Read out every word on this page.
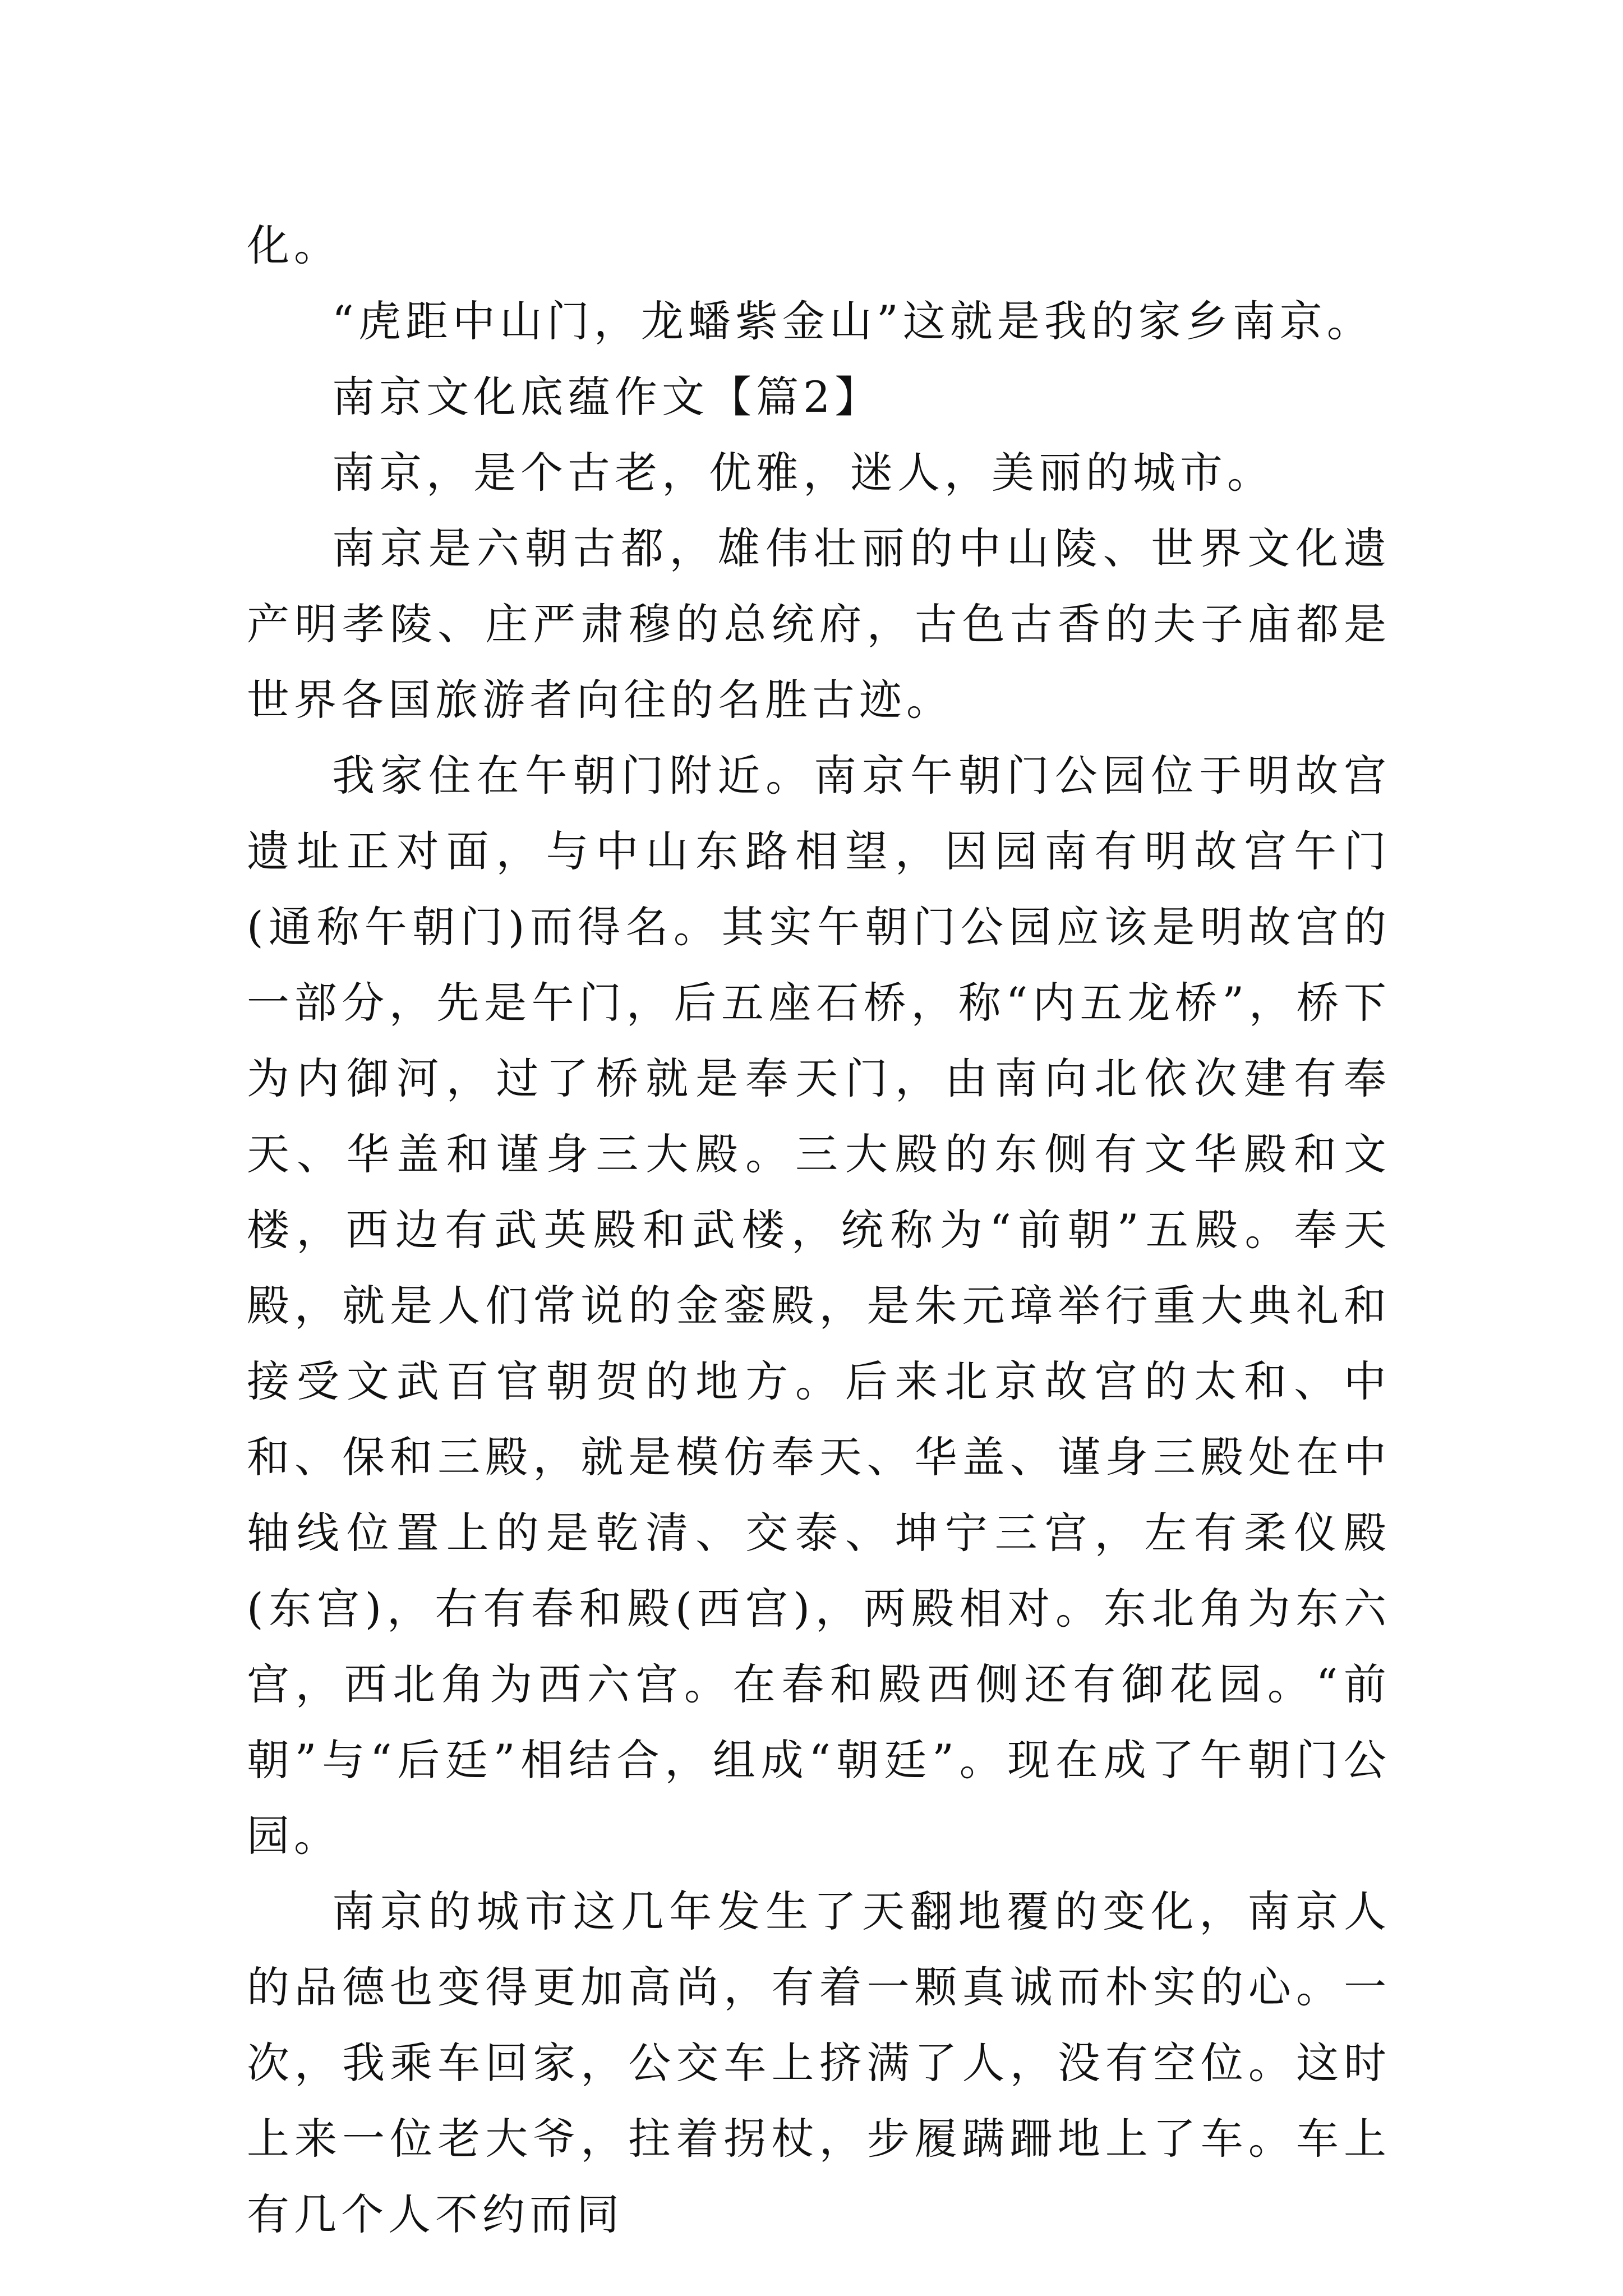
化。

“虎距中山门，龙蟠紫金山”这就是我的家乡南京。

南京文化底蕴作文【篇2】

南京，是个古老，优雅，迷人，美丽的城市。

南京是六朝古都，雄伟壮丽的中山陵、世界文化遗产明孝陵、庄严肃穆的总统府，古色古香的夫子庙都是世界各国旅游者向往的名胜古迹。

我家住在午朝门附近。南京午朝门公园位于明故宫遗址正对面，与中山东路相望，因园南有明故宫午门(通称午朝门)而得名。其实午朝门公园应该是明故宫的一部分，先是午门，后五座石桥，称“内五龙桥”，桥下为内御河，过了桥就是奉天门，由南向北依次建有奉天、华盖和谨身三大殿。三大殿的东侧有文华殿和文楼，西边有武英殿和武楼，统称为“前朝”五殿。奉天殿，就是人们常说的金銮殿，是朱元璋举行重大典礼和接受文武百官朝贺的地方。后来北京故宫的太和、中和、保和三殿，就是模仿奉天、华盖、谨身三殿处在中轴线位置上的是乾清、交泰、坤宁三宫，左有柔仪殿(东宫)，右有春和殿(西宫)，两殿相对。东北角为东六宫，西北角为西六宫。在春和殿西侧还有御花园。“前朝”与“后廷”相结合，组成“朝廷”。现在成了午朝门公园。

南京的城市这几年发生了天翻地覆的变化，南京人的品德也变得更加高尚，有着一颗真诚而朴实的心。一次，我乘车回家，公交车上挤满了人，没有空位。这时上来一位老大爷，拄着拐杖，步履蹒跚地上了车。车上有几个人不约而同
